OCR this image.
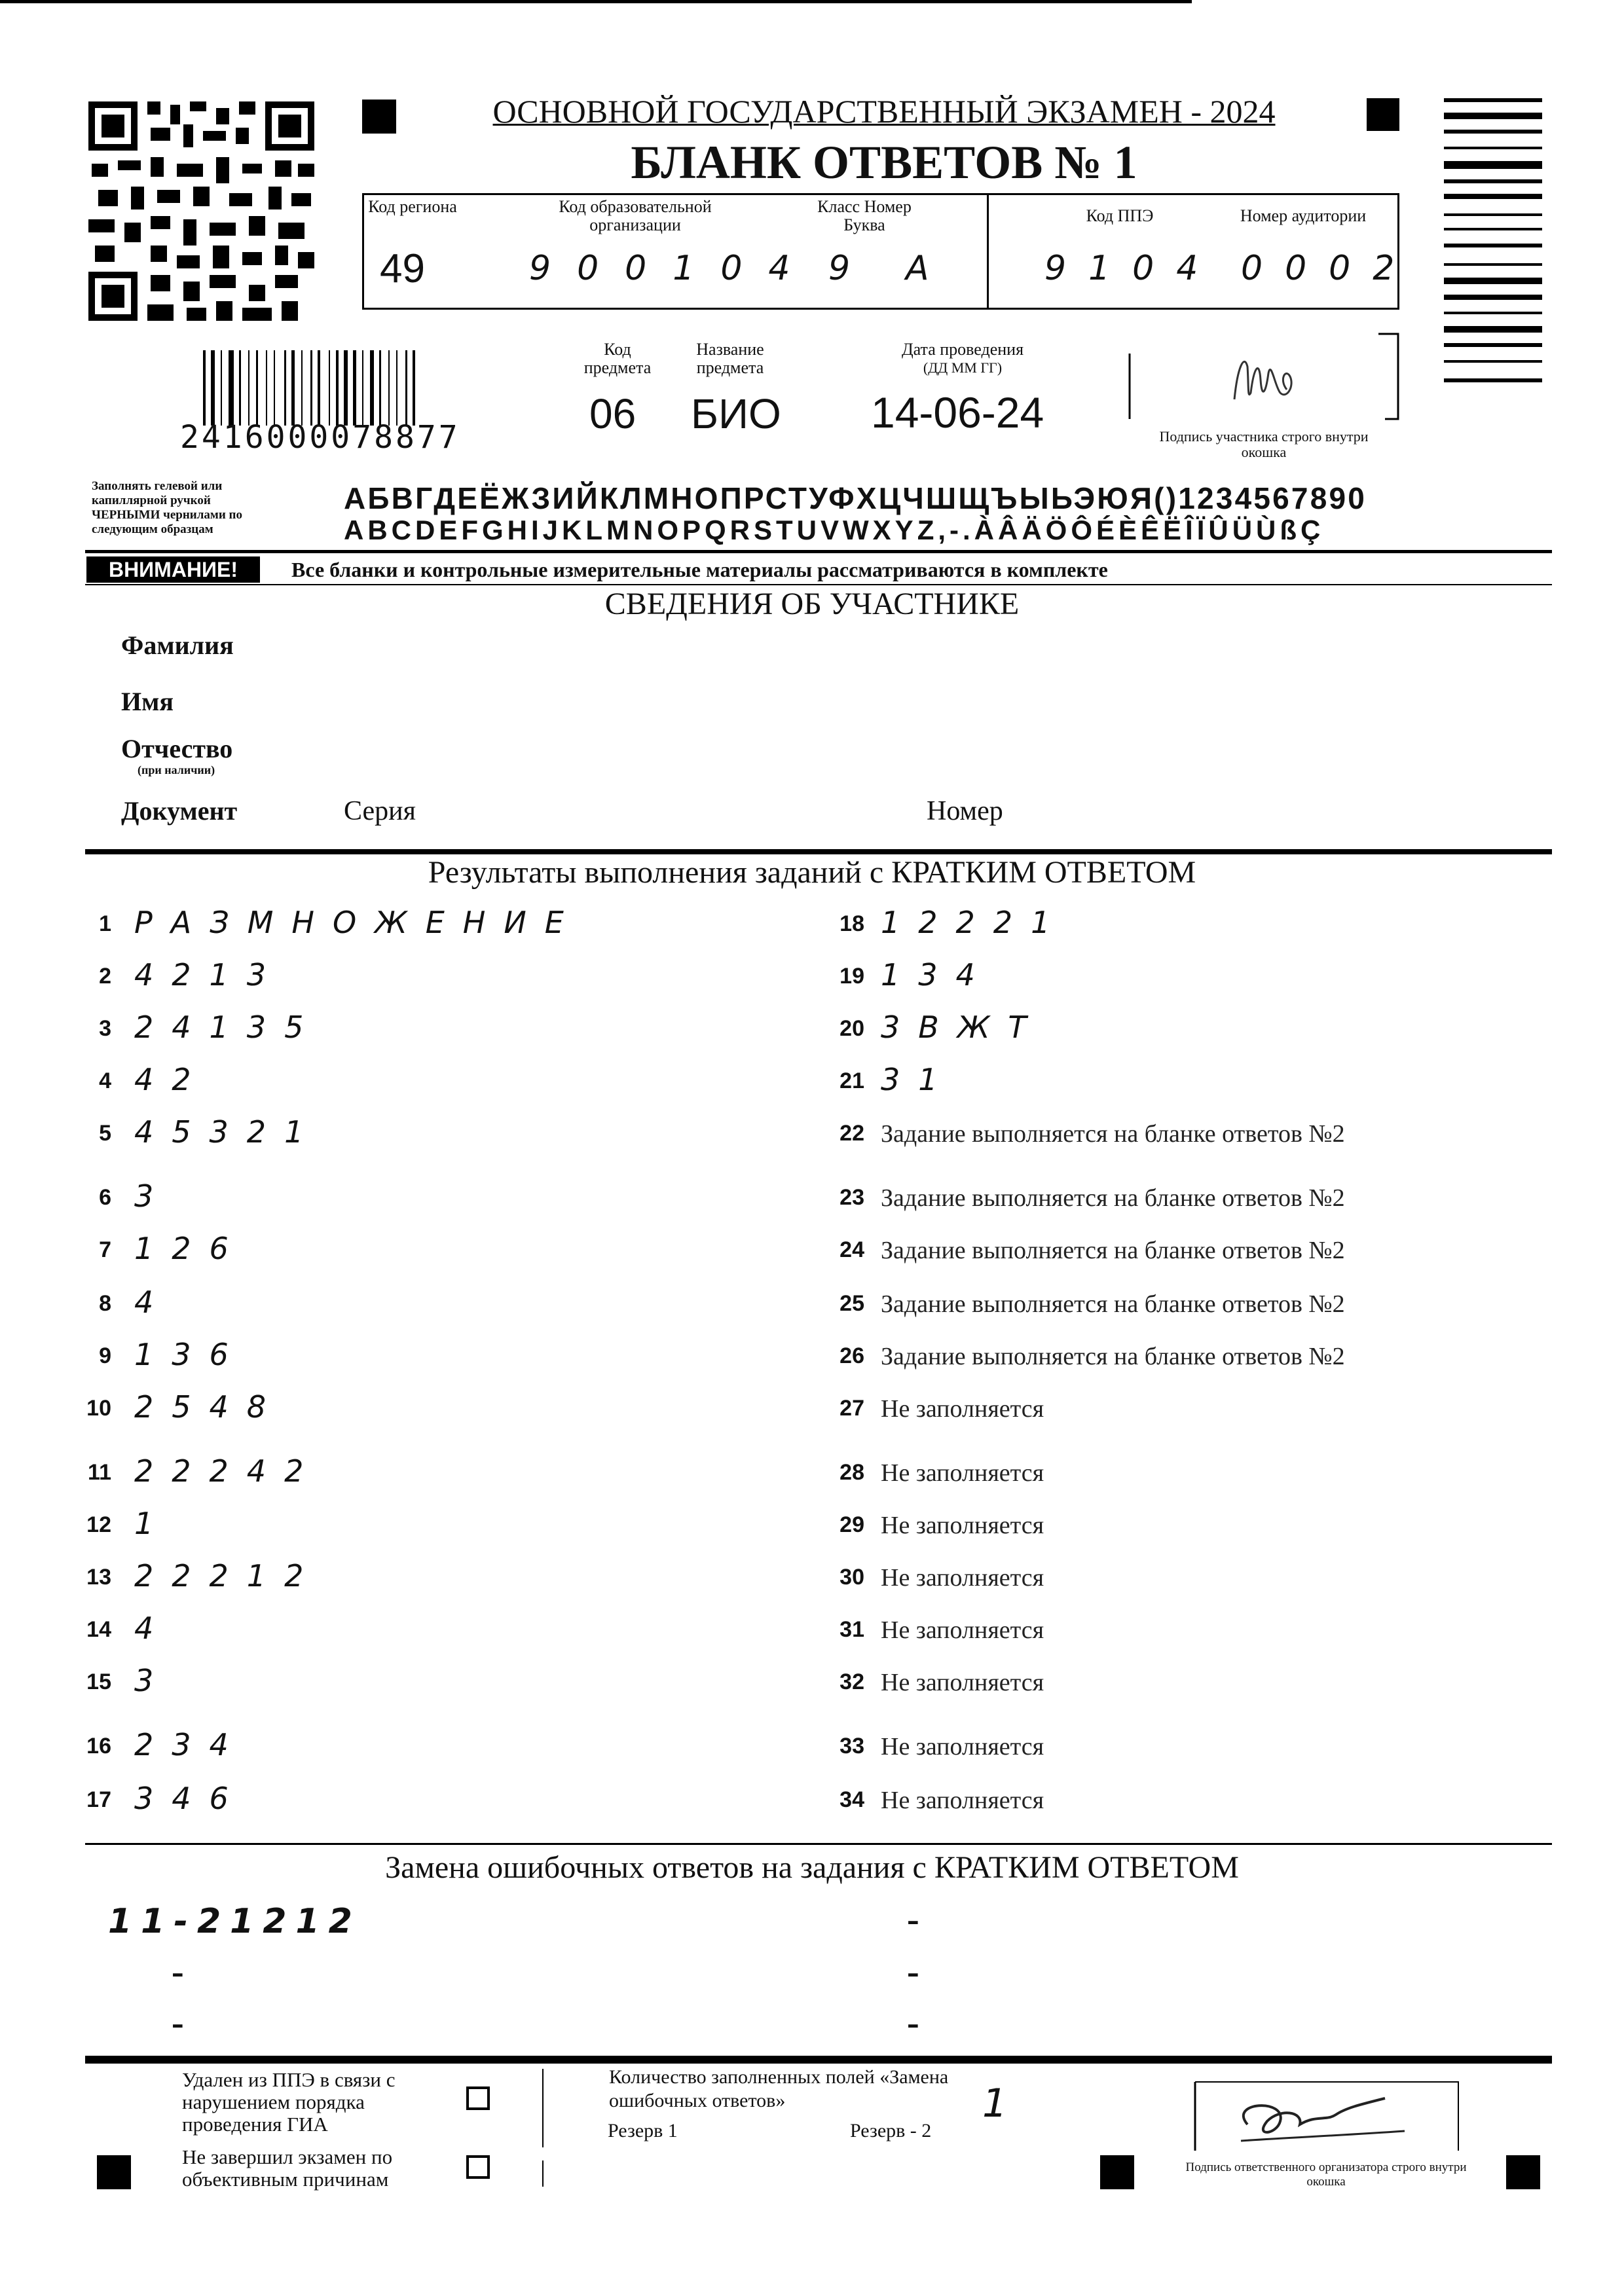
ОСНОВНОЙ ГОСУДАРСТВЕННЫЙ ЭКЗАМЕН - 2024
БЛАНК ОТВЕТОВ № 1
Код региона	Код образовательной организации
Класс Номер Буква	Код ППЭ	Номер аудитории
49	900104 9 А	9104 0002
2416000078877
Код предмета
Название предмета
Дата проведения
(ДД ММ ГГ)
06 БИО 14-06-24	Подпись участника строго внутри окошка
Заполнять гелевой или капиллярной ручкой ЧЕРНЫМИ чернилами по следующим образцам
АБВГДЕЁЖЗИЙКЛМНОПРСТУФХЦЧШЩЪЫЬЭЮЯ()1234567890
ABCDEFGHIJKLMNOPQRSTUVWXYZ,-.ÀÂÄÖÔÉÈÊËÎÏÛÜÙßÇ
ВНИМАНИЕ!	Все бланки и контрольные измерительные материалы рассматриваются в комплекте
СВЕДЕНИЯ ОБ УЧАСТНИКЕ
Фамилия
Имя
Отчество
(при наличии)
Документ	Серия	Номер
Результаты выполнения заданий с КРАТКИМ ОТВЕТОМ
1 РАЗМНОЖЕНИЕ
2 4213
3 24135
4 42
5 45321
6 3
7 126
8 4
9 136
10 2548
11 22242
12 1
13 22212
14 4
15 3
16 234
17 346
18 12221
19 134
20 3ВЖТ
21 31
22 Задание выполняется на бланке ответов №2
23 Задание выполняется на бланке ответов №2
24 Задание выполняется на бланке ответов №2
25 Задание выполняется на бланке ответов №2
26 Задание выполняется на бланке ответов №2
27 Не заполняется
28 Не заполняется
29 Не заполняется
30 Не заполняется
31 Не заполняется
32 Не заполняется
33 Не заполняется
34 Не заполняется
Замена ошибочных ответов на задания с КРАТКИМ ОТВЕТОМ
11-21212
-
-
-
-
-
Удален из ППЭ в связи с нарушением порядка проведения ГИА
Не завершил экзамен по объективным причинам
Количество заполненных полей «Замена ошибочных ответов»	1
Резерв 1	Резерв - 2
Подпись ответственного организатора строго внутри окошка
